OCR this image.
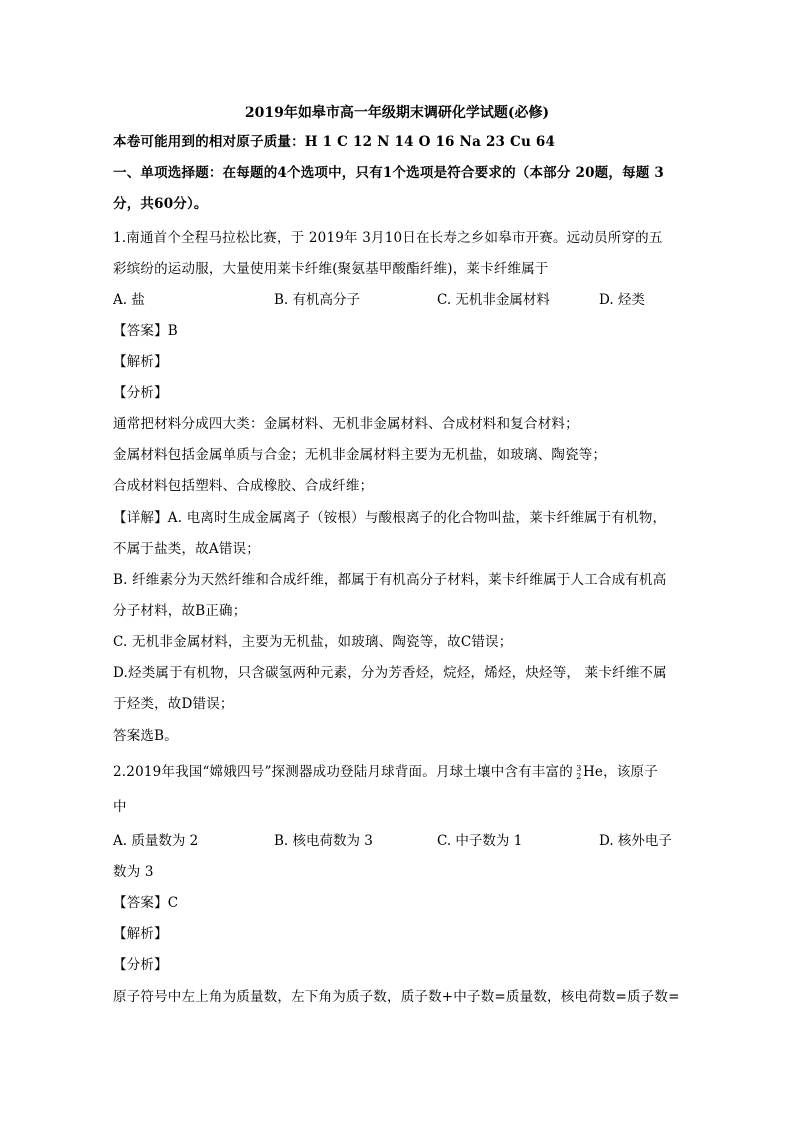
2019年如皋市高一年级期末调研化学试题(必修)
本卷可能用到的相对原子质量：H 1 C 12 N 14 O 16 Na 23 Cu 64
一、单项选择题：在每题的4个选项中，只有1个选项是符合要求的（本部分 20题，每题 3
分，共60分）。
1.南通首个全程马拉松比赛，于 2019年 3月10日在长寿之乡如皋市开赛。远动员所穿的五
彩缤纷的运动服，大量使用莱卡纤维(聚氨基甲酸酯纤维)，莱卡纤维属于
A. 盐	B. 有机高分子	C. 无机非金属材料	D. 烃类
【答案】B
【解析】
【分析】
通常把材料分成四大类：金属材料、无机非金属材料、合成材料和复合材料；
金属材料包括金属单质与合金；无机非金属材料主要为无机盐，如玻璃、陶瓷等；
合成材料包括塑料、合成橡胶、合成纤维；
【详解】A. 电离时生成金属离子（铵根）与酸根离子的化合物叫盐，莱卡纤维属于有机物，
不属于盐类，故A错误；
B. 纤维素分为天然纤维和合成纤维，都属于有机高分子材料，莱卡纤维属于人工合成有机高
分子材料，故B正确；
C. 无机非金属材料，主要为无机盐，如玻璃、陶瓷等，故C错误；
D.烃类属于有机物，只含碳氢两种元素，分为芳香烃，烷烃，烯烃，炔烃等， 莱卡纤维不属
于烃类，故D错误；
答案选B。
2.2019年我国“嫦娥四号”探测器成功登陆月球背面。月球土壤中含有丰富的 3
2 He，该原子
中
A. 质量数为 2	B. 核电荷数为 3	C. 中子数为 1	D. 核外电子
数为 3
【答案】C
【解析】
【分析】
原子符号中左上角为质量数，左下角为质子数，质子数+中子数=质量数，核电荷数=质子数=
